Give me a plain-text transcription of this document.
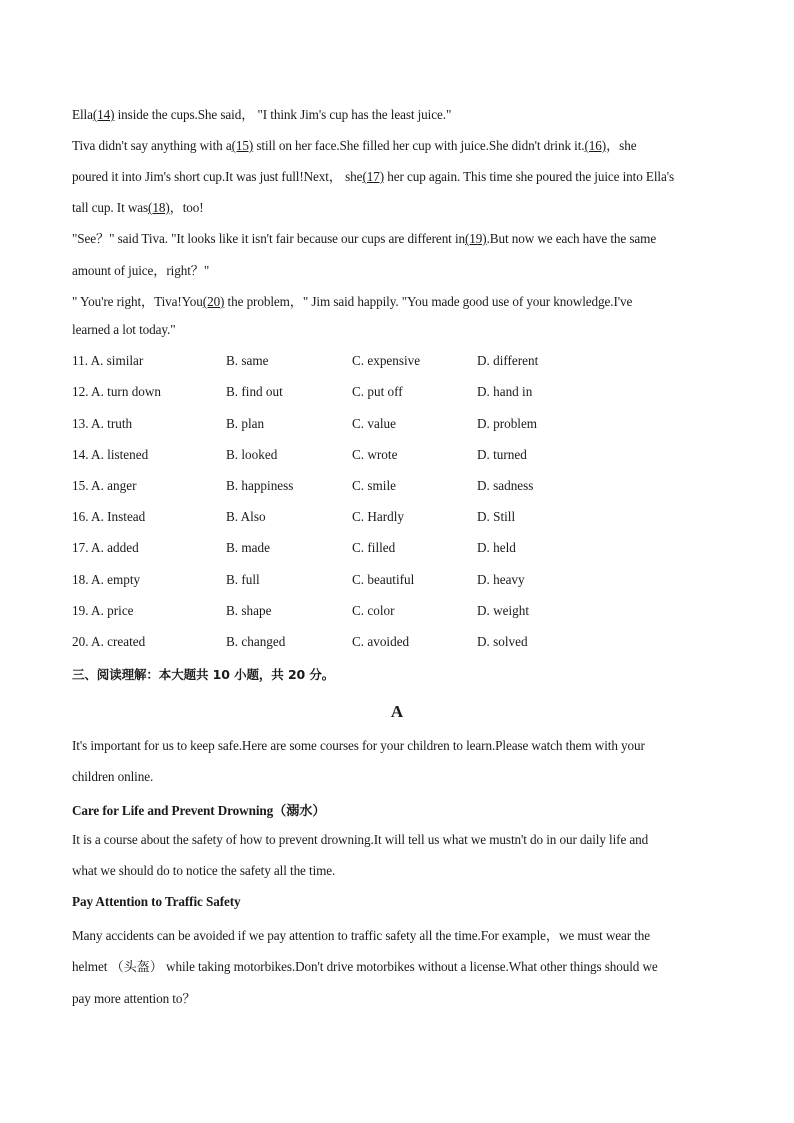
Ella(14) inside the cups.She said， "I think Jim's cup has the least juice."
Tiva didn't say anything with a(15) still on her face.She filled her cup with juice.She didn't drink it.(16)，she
poured it into Jim's short cup.It was just full!Next， she(17) her cup again. This time she poured the juice into Ella's
tall cup. It was(18)，too!
"See？" said Tiva. "It looks like it isn't fair because our cups are different in(19).But now we each have the same
amount of juice，right？"
" You're right，Tiva!You(20) the problem，" Jim said happily. "You made good use of your knowledge.I've
learned a lot today."
11. A. similar	B. same	C. expensive	D. different
12. A. turn down	B. find out	C. put off	D. hand in
13. A. truth	B. plan	C. value	D. problem
14. A. listened	B. looked	C. wrote	D. turned
15. A. anger	B. happiness	C. smile	D. sadness
16. A. Instead	B. Also	C. Hardly	D. Still
17. A. added	B. made	C. filled	D. held
18. A. empty	B. full	C. beautiful	D. heavy
19. A. price	B. shape	C. color	D. weight
20. A. created	B. changed	C. avoided	D. solved
三、阅读理解：本大题共 10 小题，共 20 分。
A
It's important for us to keep safe.Here are some courses for your children to learn.Please watch them with your
children online.
Care for Life and Prevent Drowning（溺水）
It is a course about the safety of how to prevent drowning.It will tell us what we mustn't do in our daily life and
what we should do to notice the safety all the time.
Pay Attention to Traffic Safety
Many accidents can be avoided if we pay attention to traffic safety all the time.For example，we must wear the
helmet （头盔） while taking motorbikes.Don't drive motorbikes without a license.What other things should we
pay more attention to？
